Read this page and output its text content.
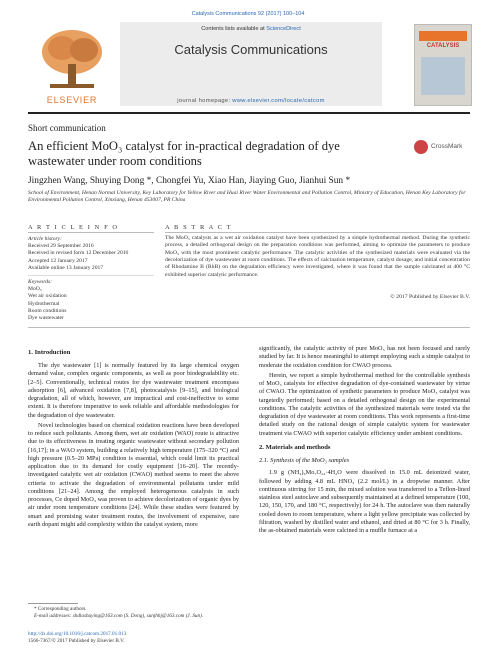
Catalysis Communications 92 (2017) 100–104
Contents lists available at ScienceDirect
Catalysis Communications
journal homepage: www.elsevier.com/locate/catcom
ELSEVIER
CATALYSIS
Short communication
An efficient MoO₃ catalyst for in-practical degradation of dye wastewater under room conditions
CrossMark
Jingzhen Wang, Shuying Dong *, Chongfei Yu, Xiao Han, Jiaying Guo, Jianhui Sun *
School of Environment, Henan Normal University, Key Laboratory for Yellow River and Huai River Water Environmental and Pollution Control, Ministry of Education, Henan Key Laboratory for Environmental Pollution Control, Xinxiang, Henan 453007, PR China
A R T I C L E I N F O	A B S T R A C T
Article history:
Received 29 September 2016
Received in revised form 12 December 2016
Accepted 12 January 2017
Available online 13 January 2017
Keywords:
MoO₃
Wet air oxidation
Hydrothermal
Room conditions
Dye wastewater
The MoO₃ catalysts as a wet air oxidation catalyst have been synthesized by a simple hydrothermal method. During the synthetic process, a detailed orthogonal design on the preparation conditions was performed, aiming to optimize the parameters to produce MoO₃ with the most prominent catalytic performance. The catalytic activities of the synthesized materials were evaluated via the decolorization of dye wastewater at room conditions. The effects of calcination temperature, catalyst dosage, and initial concentration of Rhodamine B (RhB) on the degradation efficiency were investigated, where it was found that the sample calcinated at 400 °C exhibited superior catalytic performance.
© 2017 Published by Elsevier B.V.
1. Introduction

The dye wastewater [1] is normally featured by its large chemical oxygen demand value, complex organic components, as well as poor biodegradability etc. [2–5]. Conventionally, technical routes for dye wastewater treatment encompass adsorption [6], advanced oxidation [7,8], photocatalysis [9–15], and biological degradation, all of which, however, are impractical and cost-ineffective to some extent. It is therefore imperative to seek reliable and affordable methodologies for the degradation of dye wastewater.

Novel technologies based on chemical oxidation reactions have been developed to reduce such pollutants. Among them, wet air oxidation (WAO) route is attractive due to its effectiveness in treating organic wastewater without secondary pollution [16,17]; in a WAO system, building a relatively high temperature (175–320 °C) and high pressure (0.5–20 MPa) condition is essential, which could limit its practical application due to its demand for costly equipment [16–20]. The recently-investigated catalytic wet air oxidation (CWAO) method seems to meet the above criteria to activate the degradation of environmental pollutants under mild conditions [21–24]. Among the employed heterogeneous catalysts in such processes, Ce doped MoO₃ was proven to achieve decolorization of organic dyes by air under room temperature conditions [24]. While these studies were featured by smart and promising water treatment routes, the involvement of expensive, rare earth dopant might add complexity within the catalyst system, more

* Corresponding authors.
E-mail addresses: shdlashuying@163.com (S. Dong), sunjhhj@163.com (J. Sun).
http://dx.doi.org/10.1016/j.catcom.2017.01.013
1566-7367/© 2017 Published by Elsevier B.V.

significantly, the catalytic activity of pure MoO₃ has not been focused and rarely studied by far. It is hence meaningful to attempt employing such a simple catalyst to moderate the oxidation condition for CWAO process.

Herein, we report a simple hydrothermal method for the controllable synthesis of MoO₃ catalysts for effective degradation of dye-contained wastewater by virtue of CWAO. The optimization of synthetic parameters to produce MoO₃ catalyst was targetedly performed; based on a detailed orthogonal design on the experimental conditions. The catalytic activities of the synthesized materials were tested via the degradation of dye wastewater at room conditions. This work represents a first-time detailed study on the rational design of simple catalytic system for wastewater treatment via CWAO with superior catalytic efficiency under ambient conditions.

2. Materials and methods
2.1. Synthesis of the MoO₃ samples

1.9 g (NH₄)₆Mo₇O₂₄·4H₂O were dissolved in 15.0 mL deionized water, followed by adding 4.8 mL HNO₃ (2.2 mol/L) in a dropwise manner. After continuous stirring for 15 min, the mixed solution was transferred to a Teflon-lined stainless steel autoclave and subsequently maintained at a defined temperature (100, 120, 150, 170, and 180 °C, respectively) for 24 h. The autoclave was then naturally cooled down to room temperature, where a light yellow precipitate was collected by filtration, washed by distilled water and ethanol, and dried at 80 °C for 3 h. Finally, the as-obtained materials were calcined in a muffle furnace at a
